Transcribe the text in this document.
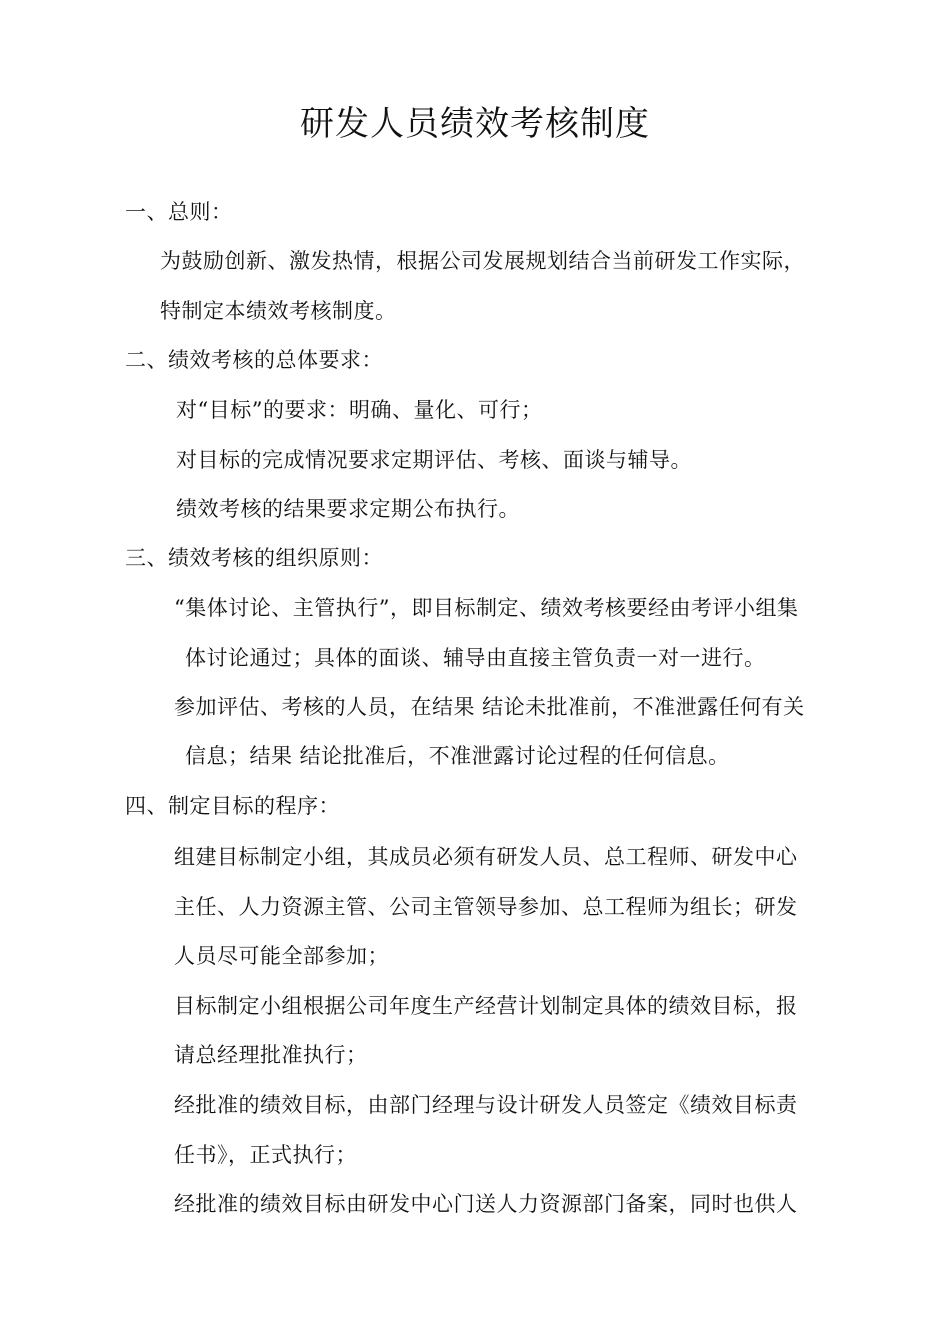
研发人员绩效考核制度
一、总则：
为鼓励创新、激发热情，根据公司发展规划结合当前研发工作实际，
特制定本绩效考核制度。
二、绩效考核的总体要求：
对“目标”的要求：明确、量化、可行；
对目标的完成情况要求定期评估、考核、面谈与辅导。
绩效考核的结果要求定期公布执行。
三、绩效考核的组织原则：
“集体讨论、主管执行”，即目标制定、绩效考核要经由考评小组集
体讨论通过；具体的面谈、辅导由直接主管负责一对一进行。
参加评估、考核的人员，在结果 结论未批准前，不准泄露任何有关
信息；结果 结论批准后，不准泄露讨论过程的任何信息。
四、制定目标的程序：
组建目标制定小组，其成员必须有研发人员、总工程师、研发中心
主任、人力资源主管、公司主管领导参加、总工程师为组长；研发
人员尽可能全部参加；
目标制定小组根据公司年度生产经营计划制定具体的绩效目标，报
请总经理批准执行；
经批准的绩效目标，由部门经理与设计研发人员签定《绩效目标责
任书》，正式执行；
经批准的绩效目标由研发中心门送人力资源部门备案，同时也供人
